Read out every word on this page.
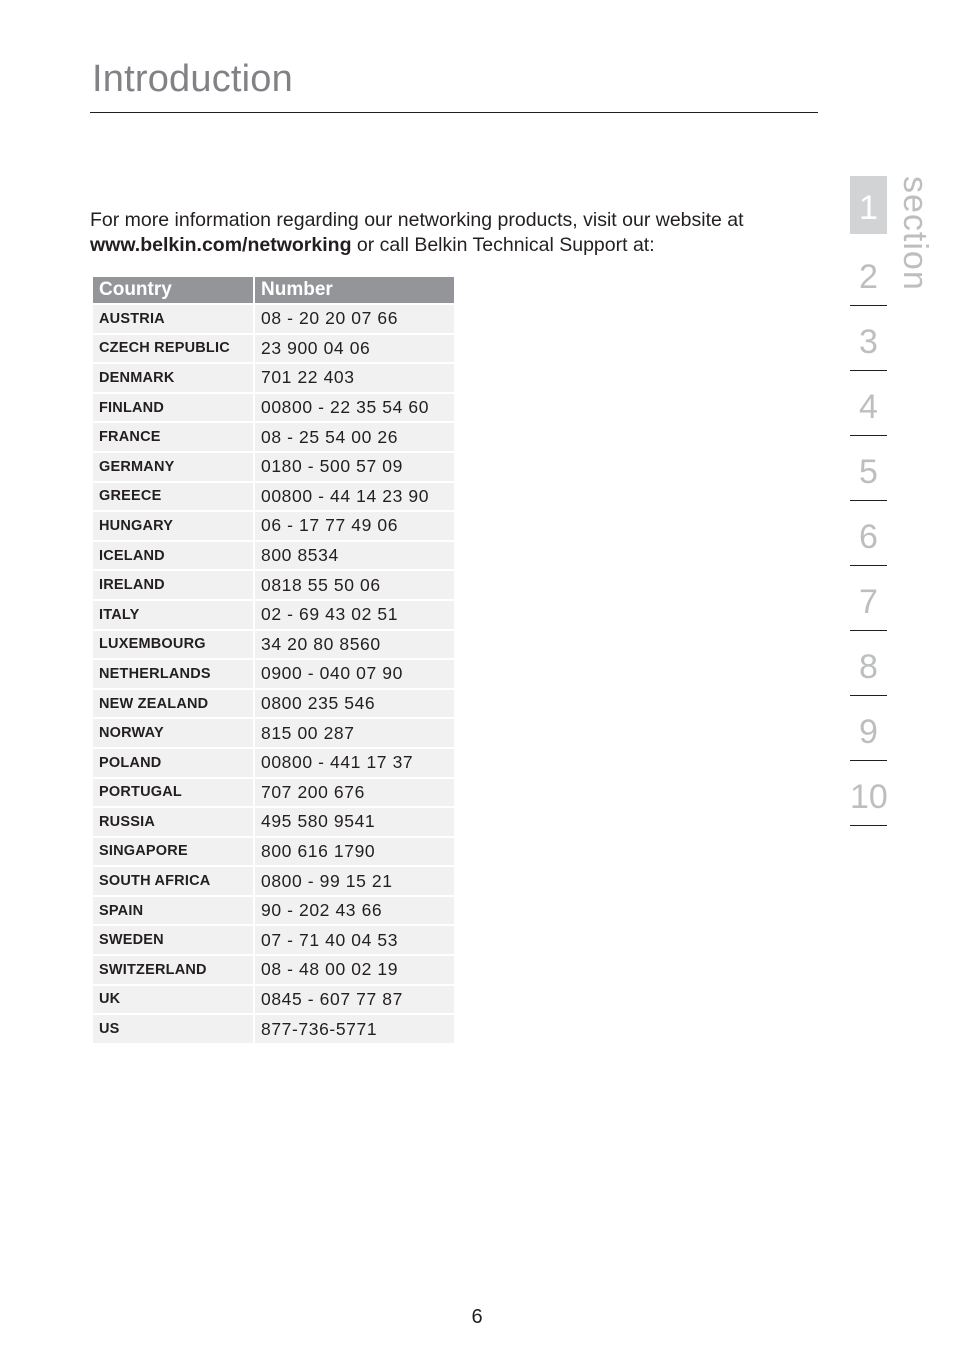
Introduction

For more information regarding our networking products, visit our website at www.belkin.com/networking or call Belkin Technical Support at:

Country	Number
AUSTRIA	08 - 20 20 07 66
CZECH REPUBLIC	23 900 04 06
DENMARK	701 22 403
FINLAND	00800 - 22 35 54 60
FRANCE	08 - 25 54 00 26
GERMANY	0180 - 500 57 09
GREECE	00800 - 44 14 23 90
HUNGARY	06 - 17 77 49 06
ICELAND	800 8534
IRELAND	0818 55 50 06
ITALY	02 - 69 43 02 51
LUXEMBOURG	34 20 80 8560
NETHERLANDS	0900 - 040 07 90
NEW ZEALAND	0800 235 546
NORWAY	815 00 287
POLAND	00800 - 441 17 37
PORTUGAL	707 200 676
RUSSIA	495 580 9541
SINGAPORE	800 616 1790
SOUTH AFRICA	0800 - 99 15 21
SPAIN	90 - 202 43 66
SWEDEN	07 - 71 40 04 53
SWITZERLAND	08 - 48 00 02 19
UK	0845 - 607 77 87
US	877-736-5771
1
2
3
4
5
6
7
8
9
10
section
6
